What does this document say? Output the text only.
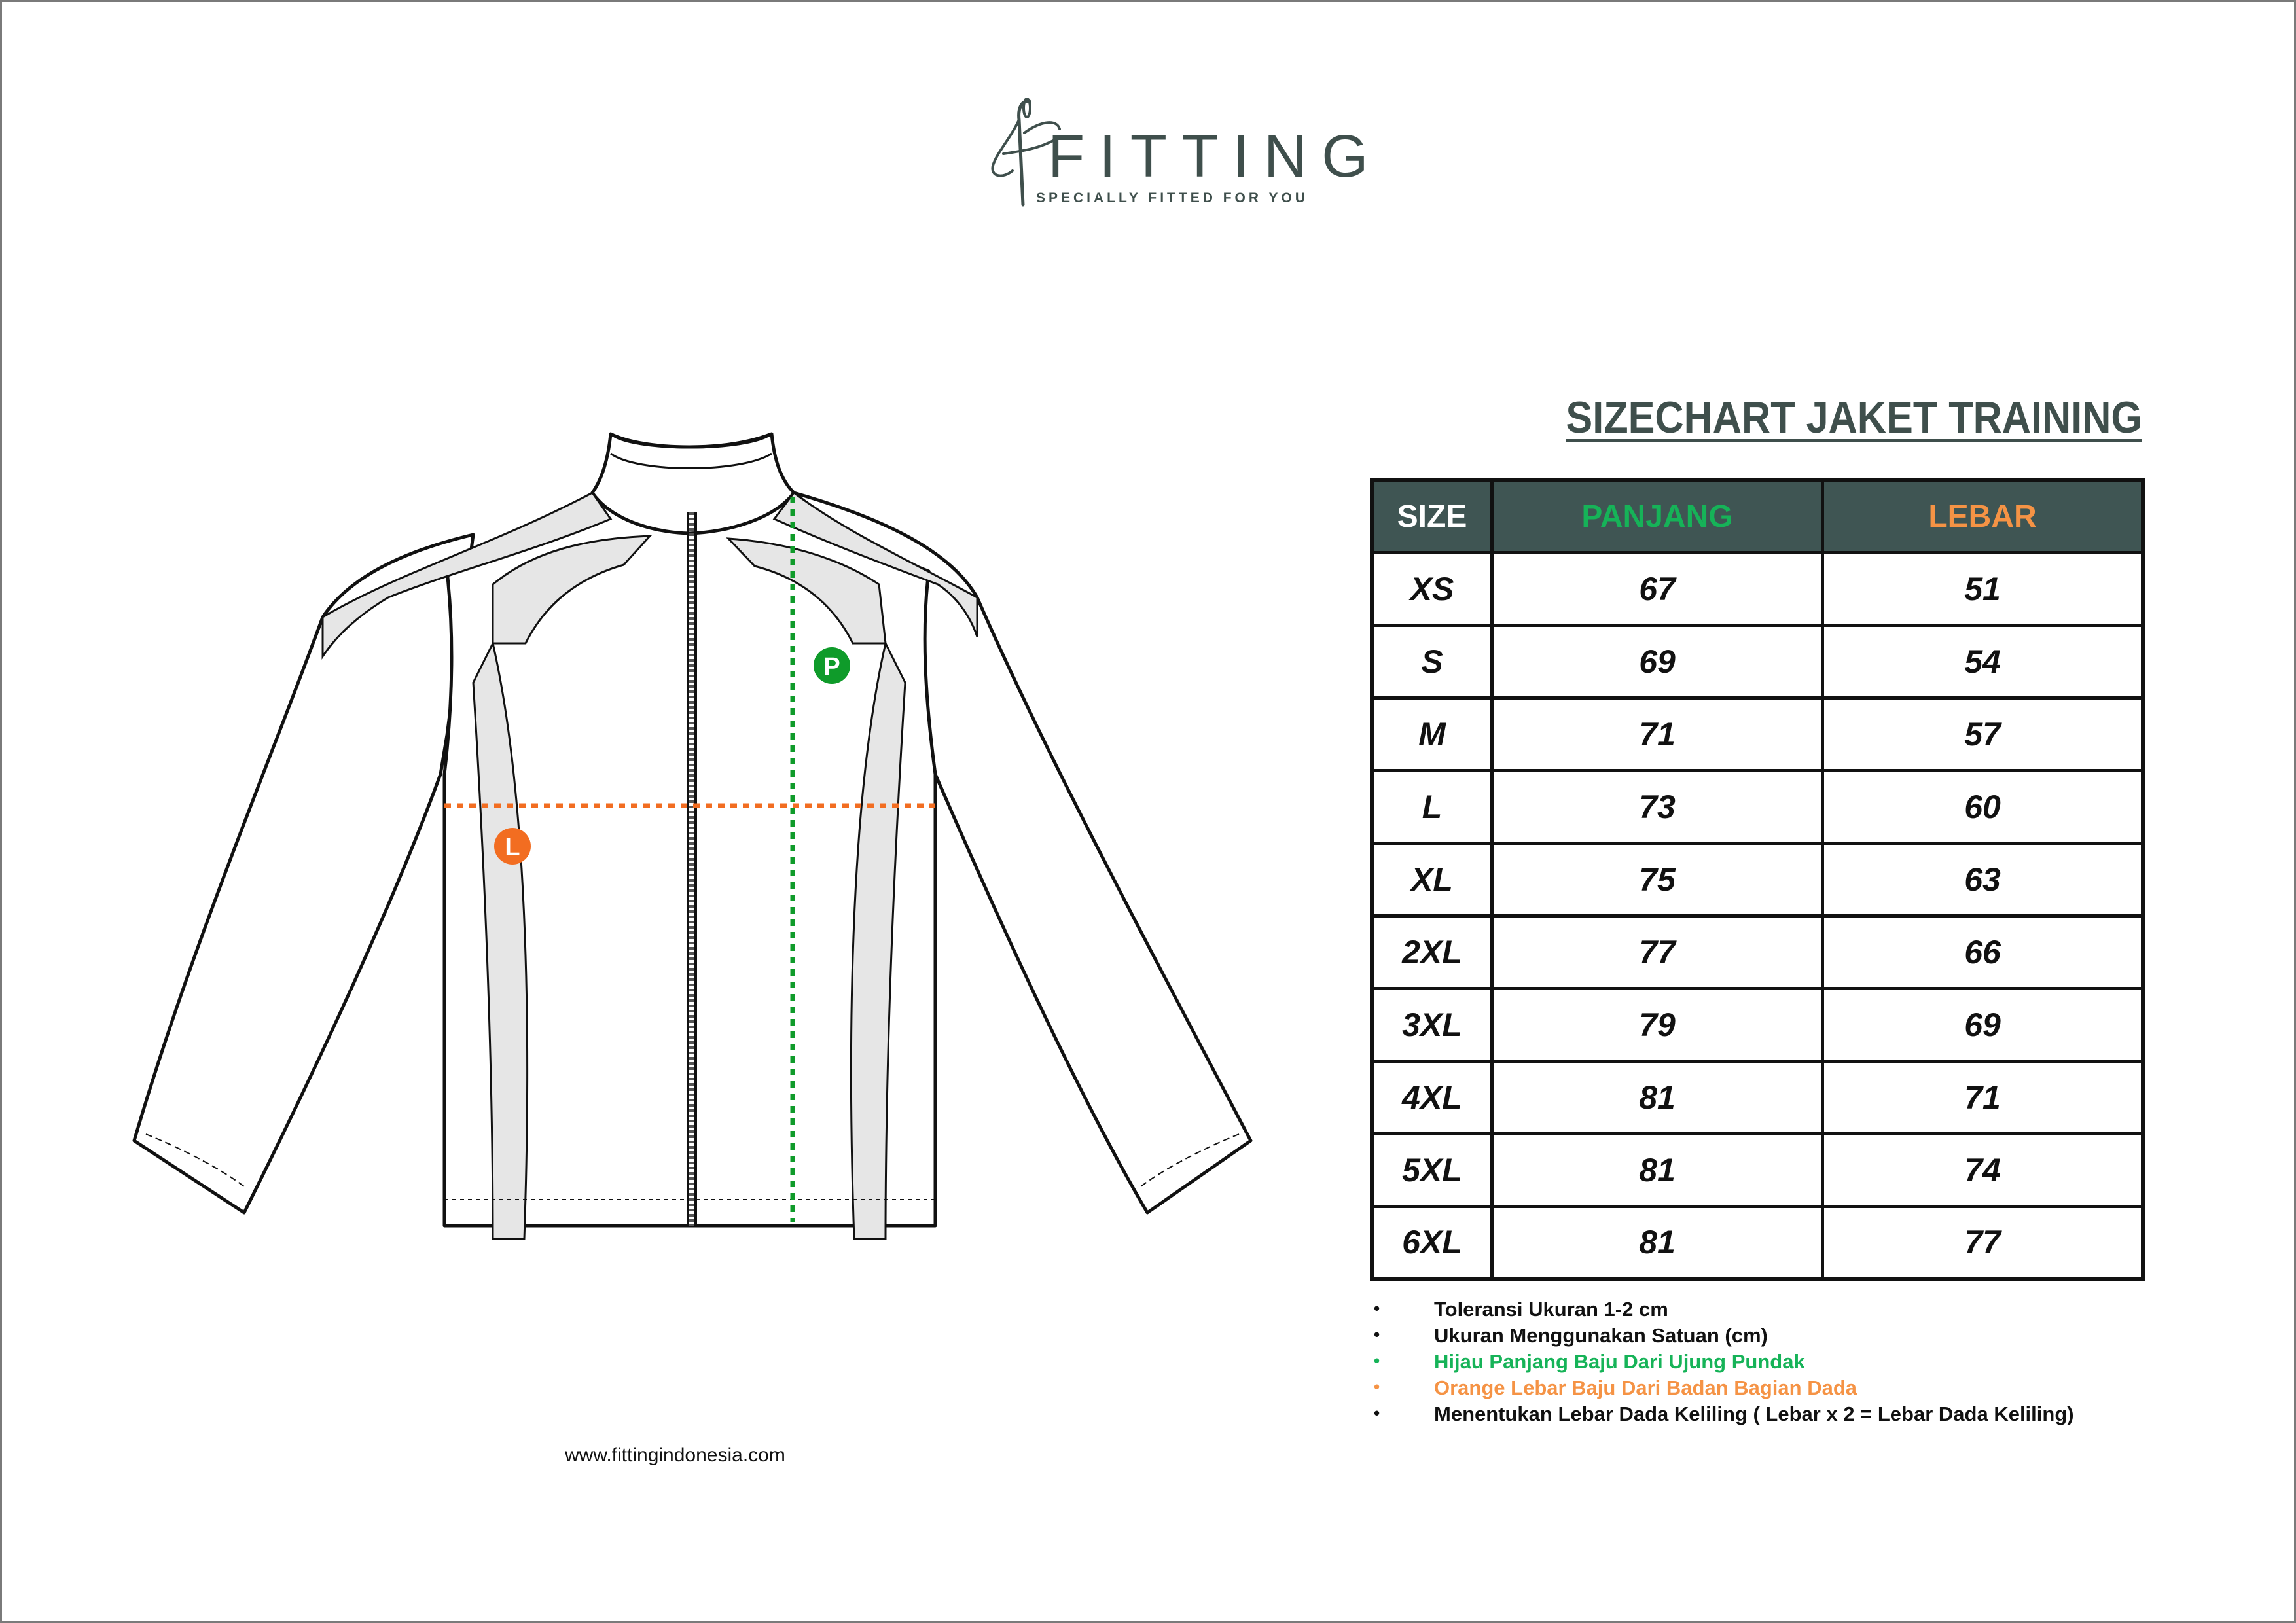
FITTING
SPECIALLY FITTED FOR YOU
P
L
SIZECHART JAKET TRAINING
SIZE	PANJANG	LEBAR
XS	67	51
S	69	54
M	71	57
L	73	60
XL	75	63
2XL	77	66
3XL	79	69
4XL	81	71
5XL	81	74
6XL	81	77
• Toleransi Ukuran 1-2 cm
• Ukuran Menggunakan Satuan (cm)
• Hijau Panjang Baju Dari Ujung Pundak
• Orange Lebar Baju Dari Badan Bagian Dada
• Menentukan Lebar Dada Keliling ( Lebar x 2 = Lebar Dada Keliling)
www.fittingindonesia.com
